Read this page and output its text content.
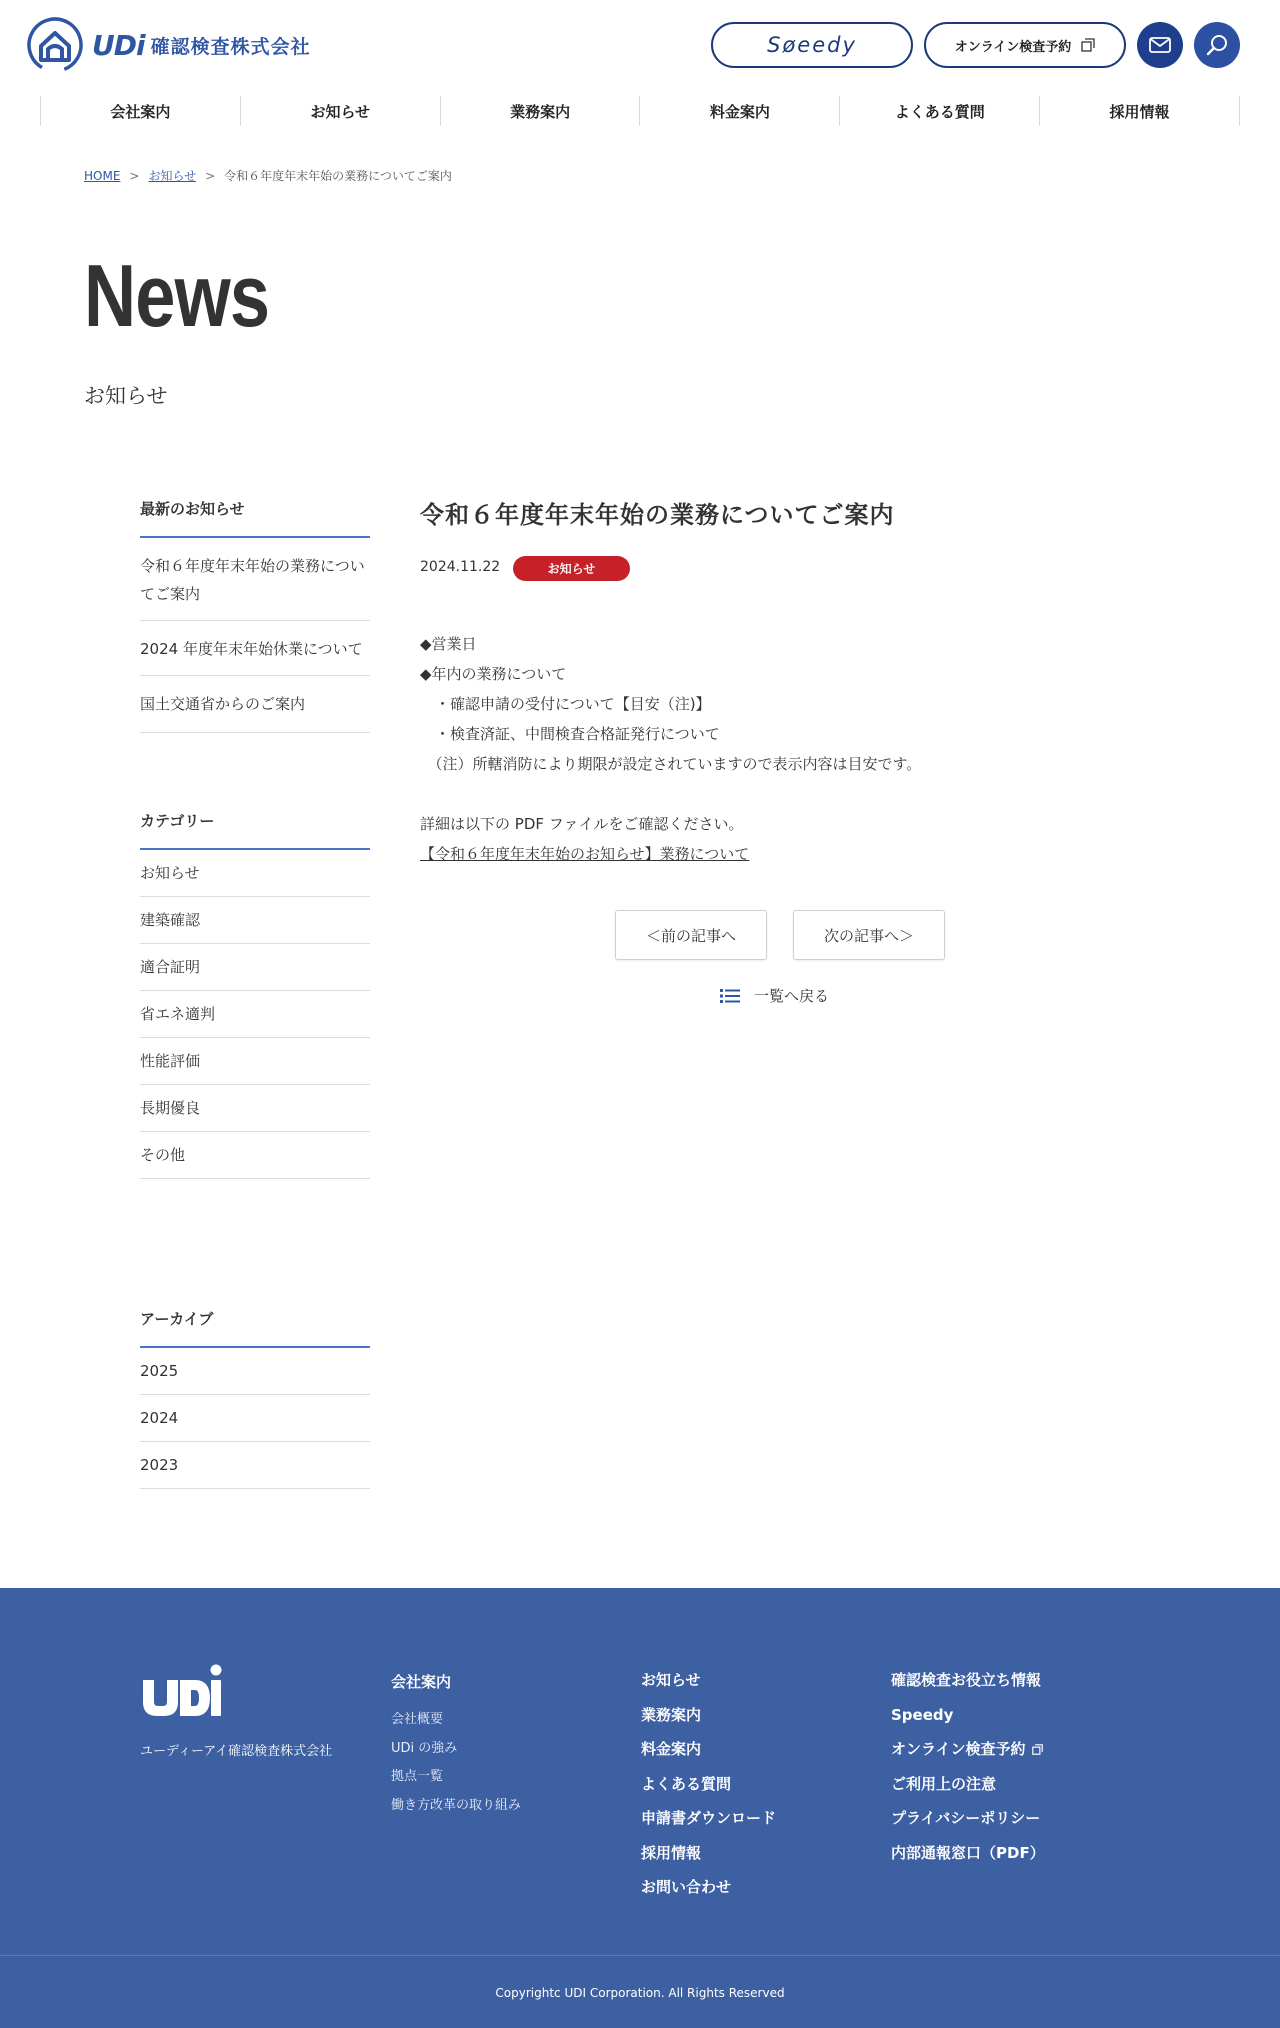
UDi 確認検査株式会社	Søeedy	オンライン検査予約
会社案内	お知らせ	業務案内	料金案内	よくある質問	採用情報
HOME > お知らせ > 令和６年度年末年始の業務についてご案内
News
お知らせ
最新のお知らせ
令和６年度年末年始の業務についてご案内
2024 年度年末年始休業について
国土交通省からのご案内
カテゴリー
お知らせ
建築確認
適合証明
省エネ適判
性能評価
長期優良
その他
アーカイブ
2025
2024
2023
令和６年度年末年始の業務についてご案内
2024.11.22	お知らせ
◆営業日
◆年内の業務について
　・確認申請の受付について【目安（注)】
　・検査済証、中間検査合格証発行について
　（注）所轄消防により期限が設定されていますので表示内容は目安です。
詳細は以下の PDF ファイルをご確認ください。
【令和６年度年末年始のお知らせ】業務について
＜前の記事へ	次の記事へ＞
一覧へ戻る
ユーディーアイ確認検査株式会社
会社案内
会社概要
UDi の強み
拠点一覧
働き方改革の取り組み
お知らせ
業務案内
料金案内
よくある質問
申請書ダウンロード
採用情報
お問い合わせ
確認検査お役立ち情報
Speedy
オンライン検査予約
ご利用上の注意
プライバシーポリシー
内部通報窓口（PDF）
Copyrightc UDI Corporation. All Rights Reserved
